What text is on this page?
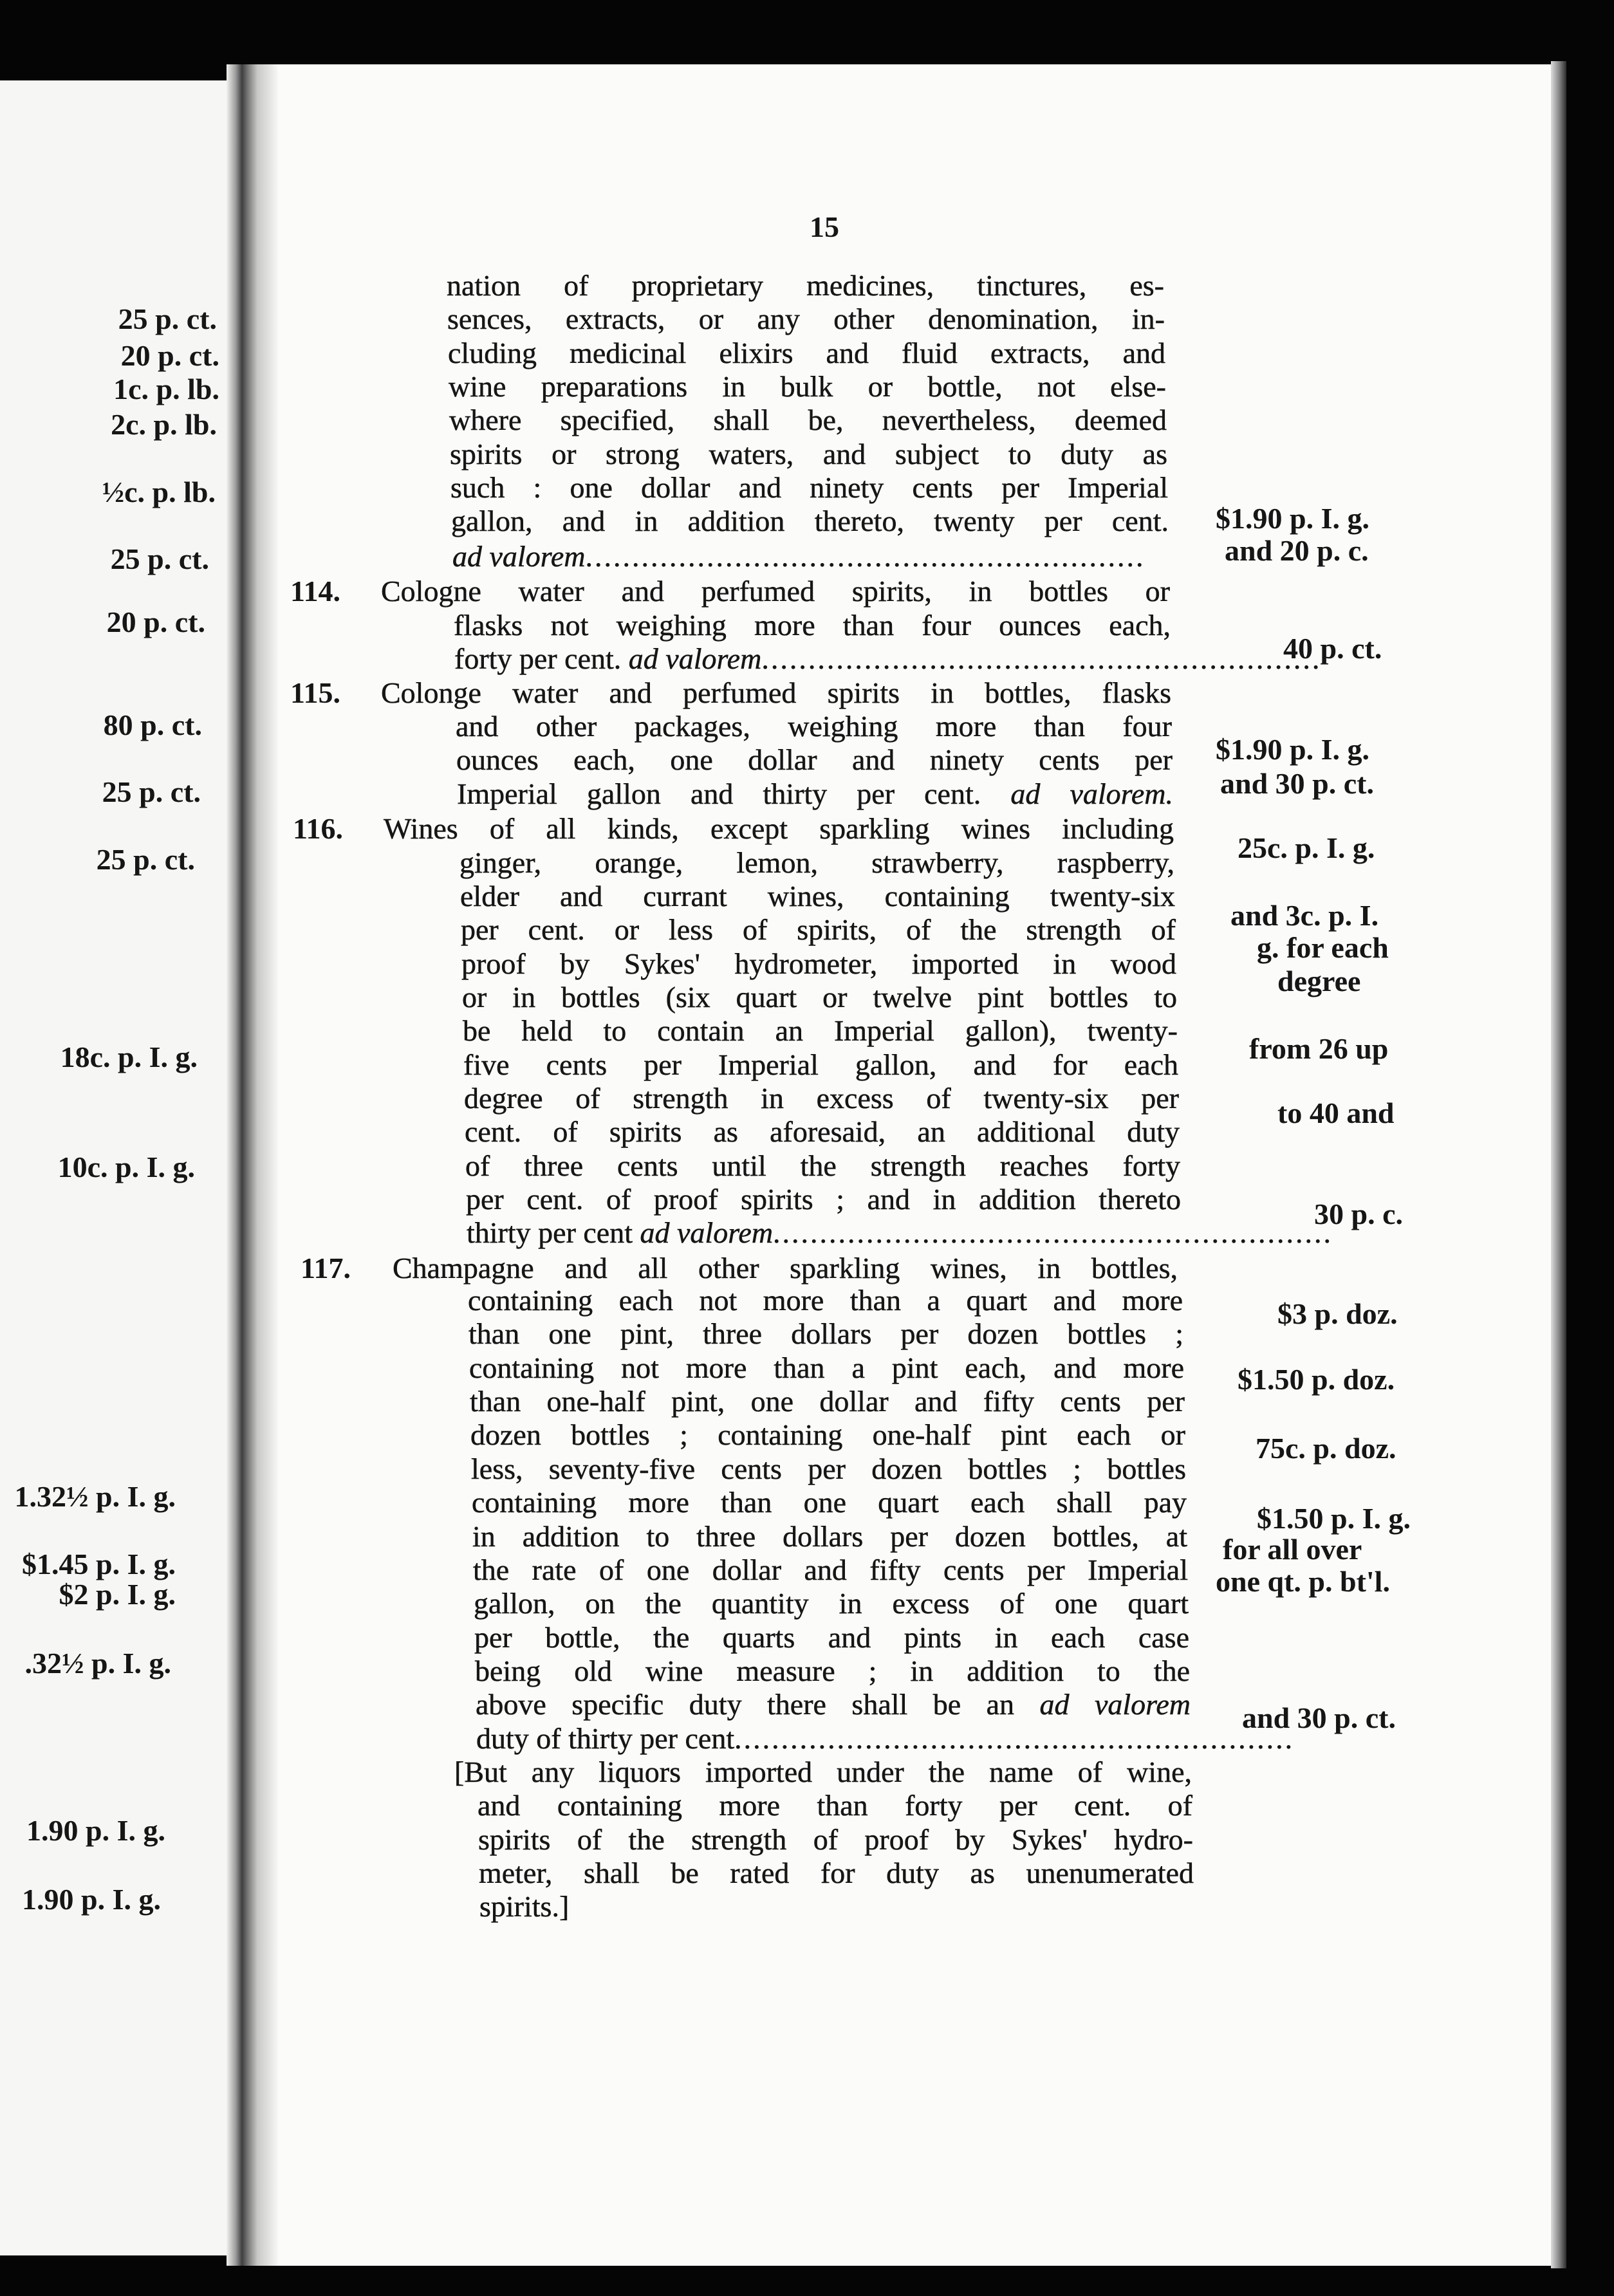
25 p. ct.
20 p. ct.
1c. p. lb.
2c. p. lb.
½c. p. lb.
25 p. ct.
20 p. ct.
80 p. ct.
25 p. ct.
25 p. ct.
18c. p. I. g.
10c. p. I. g.
1.32½ p. I. g.
$1.45 p. I. g.
$2 p. I. g.
.32½ p. I. g.
1.90 p. I. g.
1.90 p. I. g.
15
nation of proprietary medicines, tinctures, es-
sences, extracts, or any other denomination, in-
cluding medicinal elixirs and fluid extracts, and
wine preparations in bulk or bottle, not else-
where specified, shall be, nevertheless, deemed
spirits or strong waters, and subject to duty as
such : one dollar and ninety cents per Imperial
gallon, and in addition thereto, twenty per cent.
ad valorem ............................................................
114. Cologne water and perfumed spirits, in bottles or
flasks not weighing more than four ounces each,
forty per cent. ad valorem ............................................................
115. Colonge water and perfumed spirits in bottles, flasks
and other packages, weighing more than four
ounces each, one dollar and ninety cents per
Imperial gallon and thirty per cent. ad valorem.
116. Wines of all kinds, except sparkling wines including
ginger, orange, lemon, strawberry, raspberry,
elder and currant wines, containing twenty-six
per cent. or less of spirits, of the strength of
proof by Sykes' hydrometer, imported in wood
or in bottles (six quart or twelve pint bottles to
be held to contain an Imperial gallon), twenty-
five cents per Imperial gallon, and for each
degree of strength in excess of twenty-six per
cent. of spirits as aforesaid, an additional duty
of three cents until the strength reaches forty
per cent. of proof spirits ; and in addition thereto
thirty per cent ad valorem ............................................................
117. Champagne and all other sparkling wines, in bottles,
containing each not more than a quart and more
than one pint, three dollars per dozen bottles ;
containing not more than a pint each, and more
than one-half pint, one dollar and fifty cents per
dozen bottles ; containing one-half pint each or
less, seventy-five cents per dozen bottles ; bottles
containing more than one quart each shall pay
in addition to three dollars per dozen bottles, at
the rate of one dollar and fifty cents per Imperial
gallon, on the quantity in excess of one quart
per bottle, the quarts and pints in each case
being old wine measure ; in addition to the
above specific duty there shall be an ad valorem
duty of thirty per cent ............................................................
[But any liquors imported under the name of wine,
and containing more than forty per cent. of
spirits of the strength of proof by Sykes' hydro-
meter, shall be rated for duty as unenumerated
spirits.]
$1.90 p. I. g.
and 20 p. c.
40 p. ct.
$1.90 p. I. g.
and 30 p. ct.
25c. p. I. g.
and 3c. p. I.
g. for each
degree
from 26 up
to 40 and
30 p. c.
$3 p. doz.
$1.50 p. doz.
75c. p. doz.
$1.50 p. I. g.
for all over
one qt. p. bt'l.
and 30 p. ct.
